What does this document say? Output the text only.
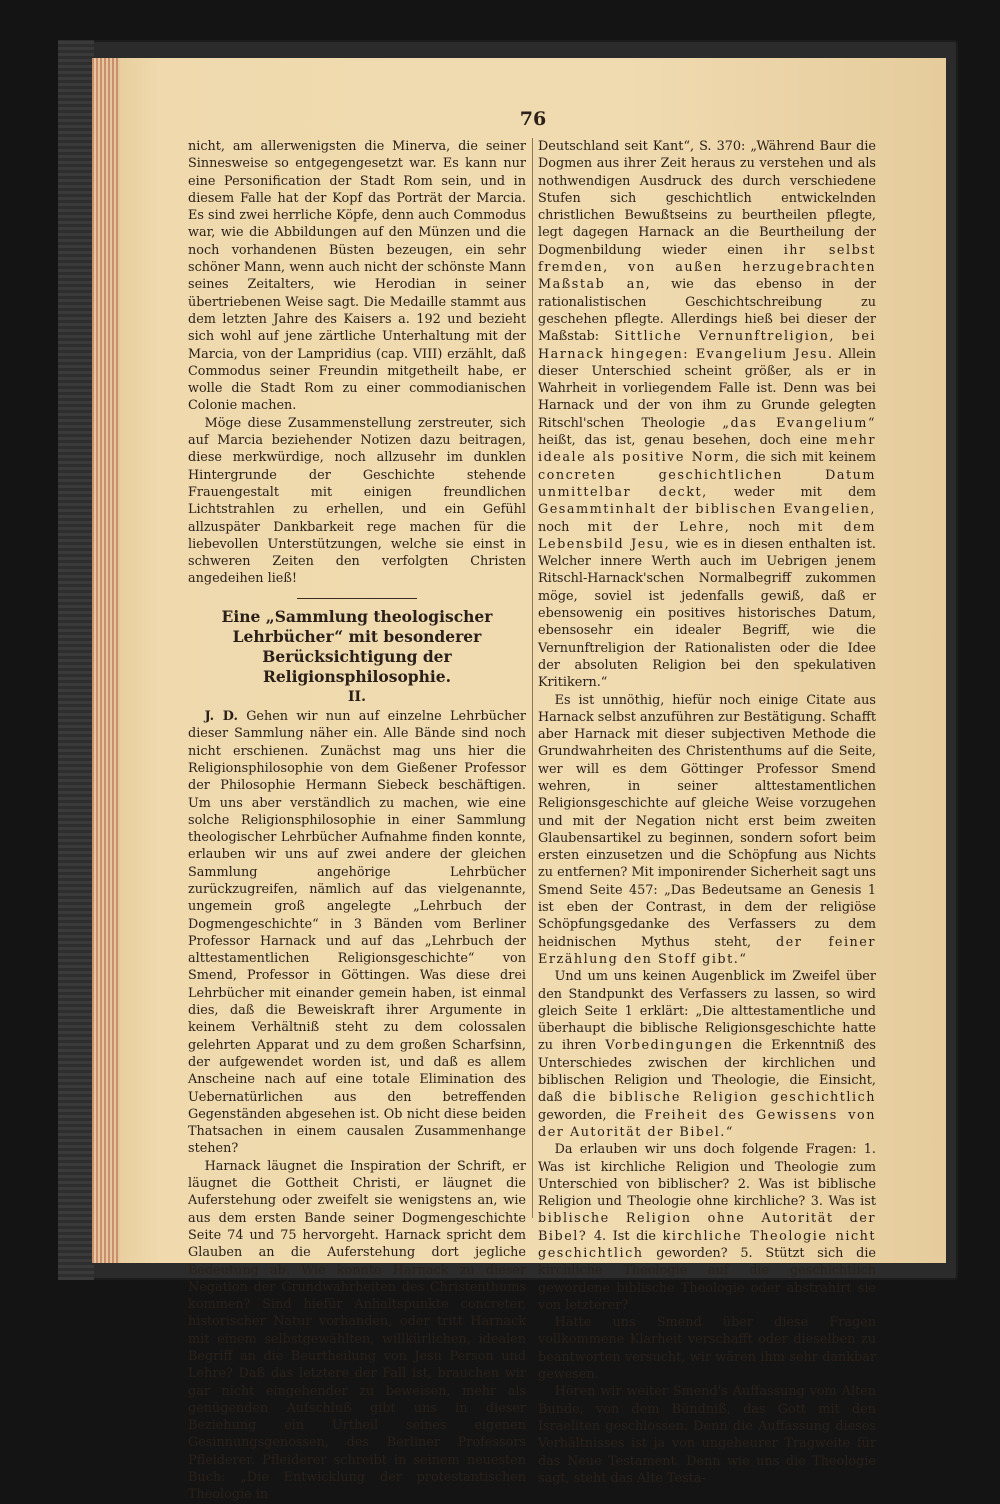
76

nicht, am allerwenigsten die Minerva, die seiner Sinnesweise so entgegengesetzt war. Es kann nur eine Personification der Stadt Rom sein, und in diesem Falle hat der Kopf das Porträt der Marcia. Es sind zwei herrliche Köpfe, denn auch Commodus war, wie die Abbildungen auf den Münzen und die noch vorhandenen Büsten bezeugen, ein sehr schöner Mann, wenn auch nicht der schönste Mann seines Zeitalters, wie Herodian in seiner übertriebenen Weise sagt. Die Medaille stammt aus dem letzten Jahre des Kaisers a. 192 und bezieht sich wohl auf jene zärtliche Unterhaltung mit der Marcia, von der Lampridius (cap. VIII) erzählt, daß Commodus seiner Freundin mitgetheilt habe, er wolle die Stadt Rom zu einer commodianischen Colonie machen.

Möge diese Zusammenstellung zerstreuter, sich auf Marcia beziehender Notizen dazu beitragen, diese merkwürdige, noch allzusehr im dunklen Hintergrunde der Geschichte stehende Frauengestalt mit einigen freundlichen Lichtstrahlen zu erhellen, und ein Gefühl allzuspäter Dankbarkeit rege machen für die liebevollen Unterstützungen, welche sie einst in schweren Zeiten den verfolgten Christen angedeihen ließ!

Eine „Sammlung theologischer Lehrbücher“ mit besonderer Berücksichtigung der Religionsphilosophie.
II.

J. D. Gehen wir nun auf einzelne Lehrbücher dieser Sammlung näher ein. Alle Bände sind noch nicht erschienen. Zunächst mag uns hier die Religionsphilosophie von dem Gießener Professor der Philosophie Hermann Siebeck beschäftigen. Um uns aber verständlich zu machen, wie eine solche Religionsphilosophie in einer Sammlung theologischer Lehrbücher Aufnahme finden konnte, erlauben wir uns auf zwei andere der gleichen Sammlung angehörige Lehrbücher zurückzugreifen, nämlich auf das vielgenannte, ungemein groß angelegte „Lehrbuch der Dogmengeschichte“ in 3 Bänden vom Berliner Professor Harnack und auf das „Lehrbuch der alttestamentlichen Religionsgeschichte“ von Smend, Professor in Göttingen. Was diese drei Lehrbücher mit einander gemein haben, ist einmal dies, daß die Beweiskraft ihrer Argumente in keinem Verhältniß steht zu dem colossalen gelehrten Apparat und zu dem großen Scharfsinn, der aufgewendet worden ist, und daß es allem Anscheine nach auf eine totale Elimination des Uebernatürlichen aus den betreffenden Gegenständen abgesehen ist. Ob nicht diese beiden Thatsachen in einem causalen Zusammenhange stehen?

Harnack läugnet die Inspiration der Schrift, er läugnet die Gottheit Christi, er läugnet die Auferstehung oder zweifelt sie wenigstens an, wie aus dem ersten Bande seiner Dogmengeschichte Seite 74 und 75 hervorgeht. Harnack spricht dem Glauben an die Auferstehung dort jegliche Bedeutung ab. Wie konnte Harnack zu dieser Negation der Grundwahrheiten des Christenthums kommen? Sind hiefür Anhaltspunkte concreter, historischer Natur vorhanden, oder tritt Harnack mit einem selbstgewählten, willkürlichen, idealen Begriff an die Beurtheilung von Jesu Person und Lehre? Daß das letztere der Fall ist, brauchen wir gar nicht eingehender zu beweisen, mehr als genügenden Aufschluß gibt uns in dieser Beziehung ein Urtheil seines eigenen Gesinnungsgenossen, des Berliner Professors Pfleiderer. Pfleiderer schreibt in seinem neuesten Buch: „Die Entwicklung der protestantischen Theologie in

Deutschland seit Kant“, S. 370: „Während Baur die Dogmen aus ihrer Zeit heraus zu verstehen und als nothwendigen Ausdruck des durch verschiedene Stufen sich geschichtlich entwickelnden christlichen Bewußtseins zu beurtheilen pflegte, legt dagegen Harnack an die Beurtheilung der Dogmenbildung wieder einen ihr selbst fremden, von außen herzugebrachten Maßstab an, wie das ebenso in der rationalistischen Geschichtschreibung zu geschehen pflegte. Allerdings hieß bei dieser der Maßstab: Sittliche Vernunftreligion, bei Harnack hingegen: Evangelium Jesu. Allein dieser Unterschied scheint größer, als er in Wahrheit in vorliegendem Falle ist. Denn was bei Harnack und der von ihm zu Grunde gelegten Ritschl'schen Theologie „das Evangelium“ heißt, das ist, genau besehen, doch eine mehr ideale als positive Norm, die sich mit keinem concreten geschichtlichen Datum unmittelbar deckt, weder mit dem Gesammtinhalt der biblischen Evangelien, noch mit der Lehre, noch mit dem Lebensbild Jesu, wie es in diesen enthalten ist. Welcher innere Werth auch im Uebrigen jenem Ritschl-Harnack'schen Normalbegriff zukommen möge, soviel ist jedenfalls gewiß, daß er ebensowenig ein positives historisches Datum, ebensosehr ein idealer Begriff, wie die Vernunftreligion der Rationalisten oder die Idee der absoluten Religion bei den spekulativen Kritikern.“

Es ist unnöthig, hiefür noch einige Citate aus Harnack selbst anzuführen zur Bestätigung. Schafft aber Harnack mit dieser subjectiven Methode die Grundwahrheiten des Christenthums auf die Seite, wer will es dem Göttinger Professor Smend wehren, in seiner alttestamentlichen Religionsgeschichte auf gleiche Weise vorzugehen und mit der Negation nicht erst beim zweiten Glaubensartikel zu beginnen, sondern sofort beim ersten einzusetzen und die Schöpfung aus Nichts zu entfernen? Mit imponirender Sicherheit sagt uns Smend Seite 457: „Das Bedeutsame an Genesis 1 ist eben der Contrast, in dem der religiöse Schöpfungsgedanke des Verfassers zu dem heidnischen Mythus steht, der feiner Erzählung den Stoff gibt.“

Und um uns keinen Augenblick im Zweifel über den Standpunkt des Verfassers zu lassen, so wird gleich Seite 1 erklärt: „Die alttestamentliche und überhaupt die biblische Religionsgeschichte hatte zu ihren Vorbedingungen die Erkenntniß des Unterschiedes zwischen der kirchlichen und biblischen Religion und Theologie, die Einsicht, daß die biblische Religion geschichtlich geworden, die Freiheit des Gewissens von der Autorität der Bibel.“

Da erlauben wir uns doch folgende Fragen: 1. Was ist kirchliche Religion und Theologie zum Unterschied von biblischer? 2. Was ist biblische Religion und Theologie ohne kirchliche? 3. Was ist biblische Religion ohne Autorität der Bibel? 4. Ist die kirchliche Theologie nicht geschichtlich geworden? 5. Stützt sich die kirchliche Theologie auf die geschichtlich gewordene biblische Theologie oder abstrahirt sie von letzterer?

Hätte uns Smend über diese Fragen vollkommene Klarheit verschafft oder dieselben zu beantworten versucht, wir wären ihm sehr dankbar gewesen.

Hören wir weiter Smend's Auffassung vom Alten Bunde, von dem Bündniß, das Gott mit den Israeliten geschlossen. Denn die Auffassung dieses Verhältnisses ist ja von ungeheurer Tragweite für das Neue Testament. Denn wie uns die Theologie sagt, steht das Alte Testa-
